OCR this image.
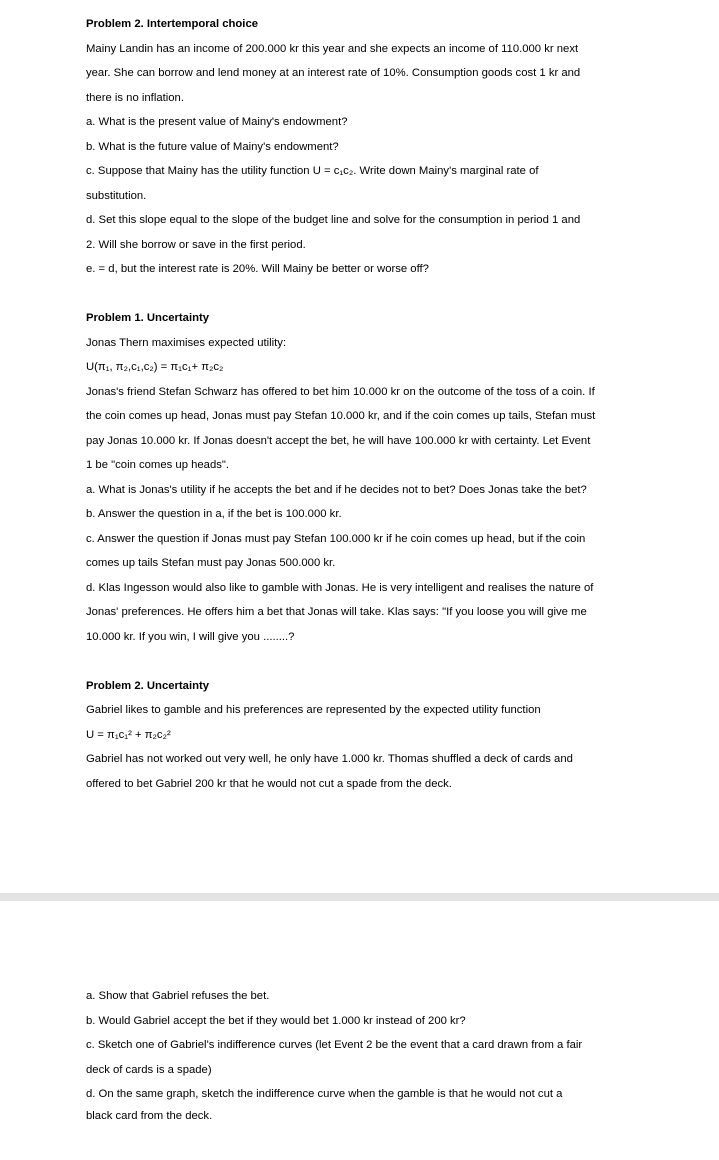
Problem 2. Intertemporal choice
Mainy Landin has an income of 200.000 kr this year and she expects an income of 110.000 kr next
year. She can borrow and lend money at an interest rate of 10%. Consumption goods cost 1 kr and
there is no inflation.
a. What is the present value of Mainy's endowment?
b. What is the future value of Mainy's endowment?
c. Suppose that Mainy has the utility function U = c₁c₂. Write down Mainy's marginal rate of
substitution.
d. Set this slope equal to the slope of the budget line and solve for the consumption in period 1 and
2. Will she borrow or save in the first period.
e. = d, but the interest rate is 20%. Will Mainy be better or worse off?
Problem 1. Uncertainty
Jonas Thern maximises expected utility:
U(π₁, π₂,c₁,c₂) = π₁c₁+ π₂c₂
Jonas's friend Stefan Schwarz has offered to bet him 10.000 kr on the outcome of the toss of a coin. If
the coin comes up head, Jonas must pay Stefan 10.000 kr, and if the coin comes up tails, Stefan must
pay Jonas 10.000 kr. If Jonas doesn't accept the bet, he will have 100.000 kr with certainty. Let Event
1 be "coin comes up heads".
a. What is Jonas's utility if he accepts the bet and if he decides not to bet? Does Jonas take the bet?
b. Answer the question in a, if the bet is 100.000 kr.
c. Answer the question if Jonas must pay Stefan 100.000 kr if he coin comes up head, but if the coin
comes up tails Stefan must pay Jonas 500.000 kr.
d. Klas Ingesson would also like to gamble with Jonas. He is very intelligent and realises the nature of
Jonas' preferences. He offers him a bet that Jonas will take. Klas says: "If you loose you will give me
10.000 kr. If you win, I will give you ........?
Problem 2. Uncertainty
Gabriel likes to gamble and his preferences are represented by the expected utility function
U = π₁c₁² + π₂c₂²
Gabriel has not worked out very well, he only have 1.000 kr. Thomas shuffled a deck of cards and
offered to bet Gabriel 200 kr that he would not cut a spade from the deck.
a. Show that Gabriel refuses the bet.
b. Would Gabriel accept the bet if they would bet 1.000 kr instead of 200 kr?
c. Sketch one of Gabriel's indifference curves (let Event 2 be the event that a card drawn from a fair
deck of cards is a spade)
d. On the same graph, sketch the indifference curve when the gamble is that he would not cut a
black card from the deck.
